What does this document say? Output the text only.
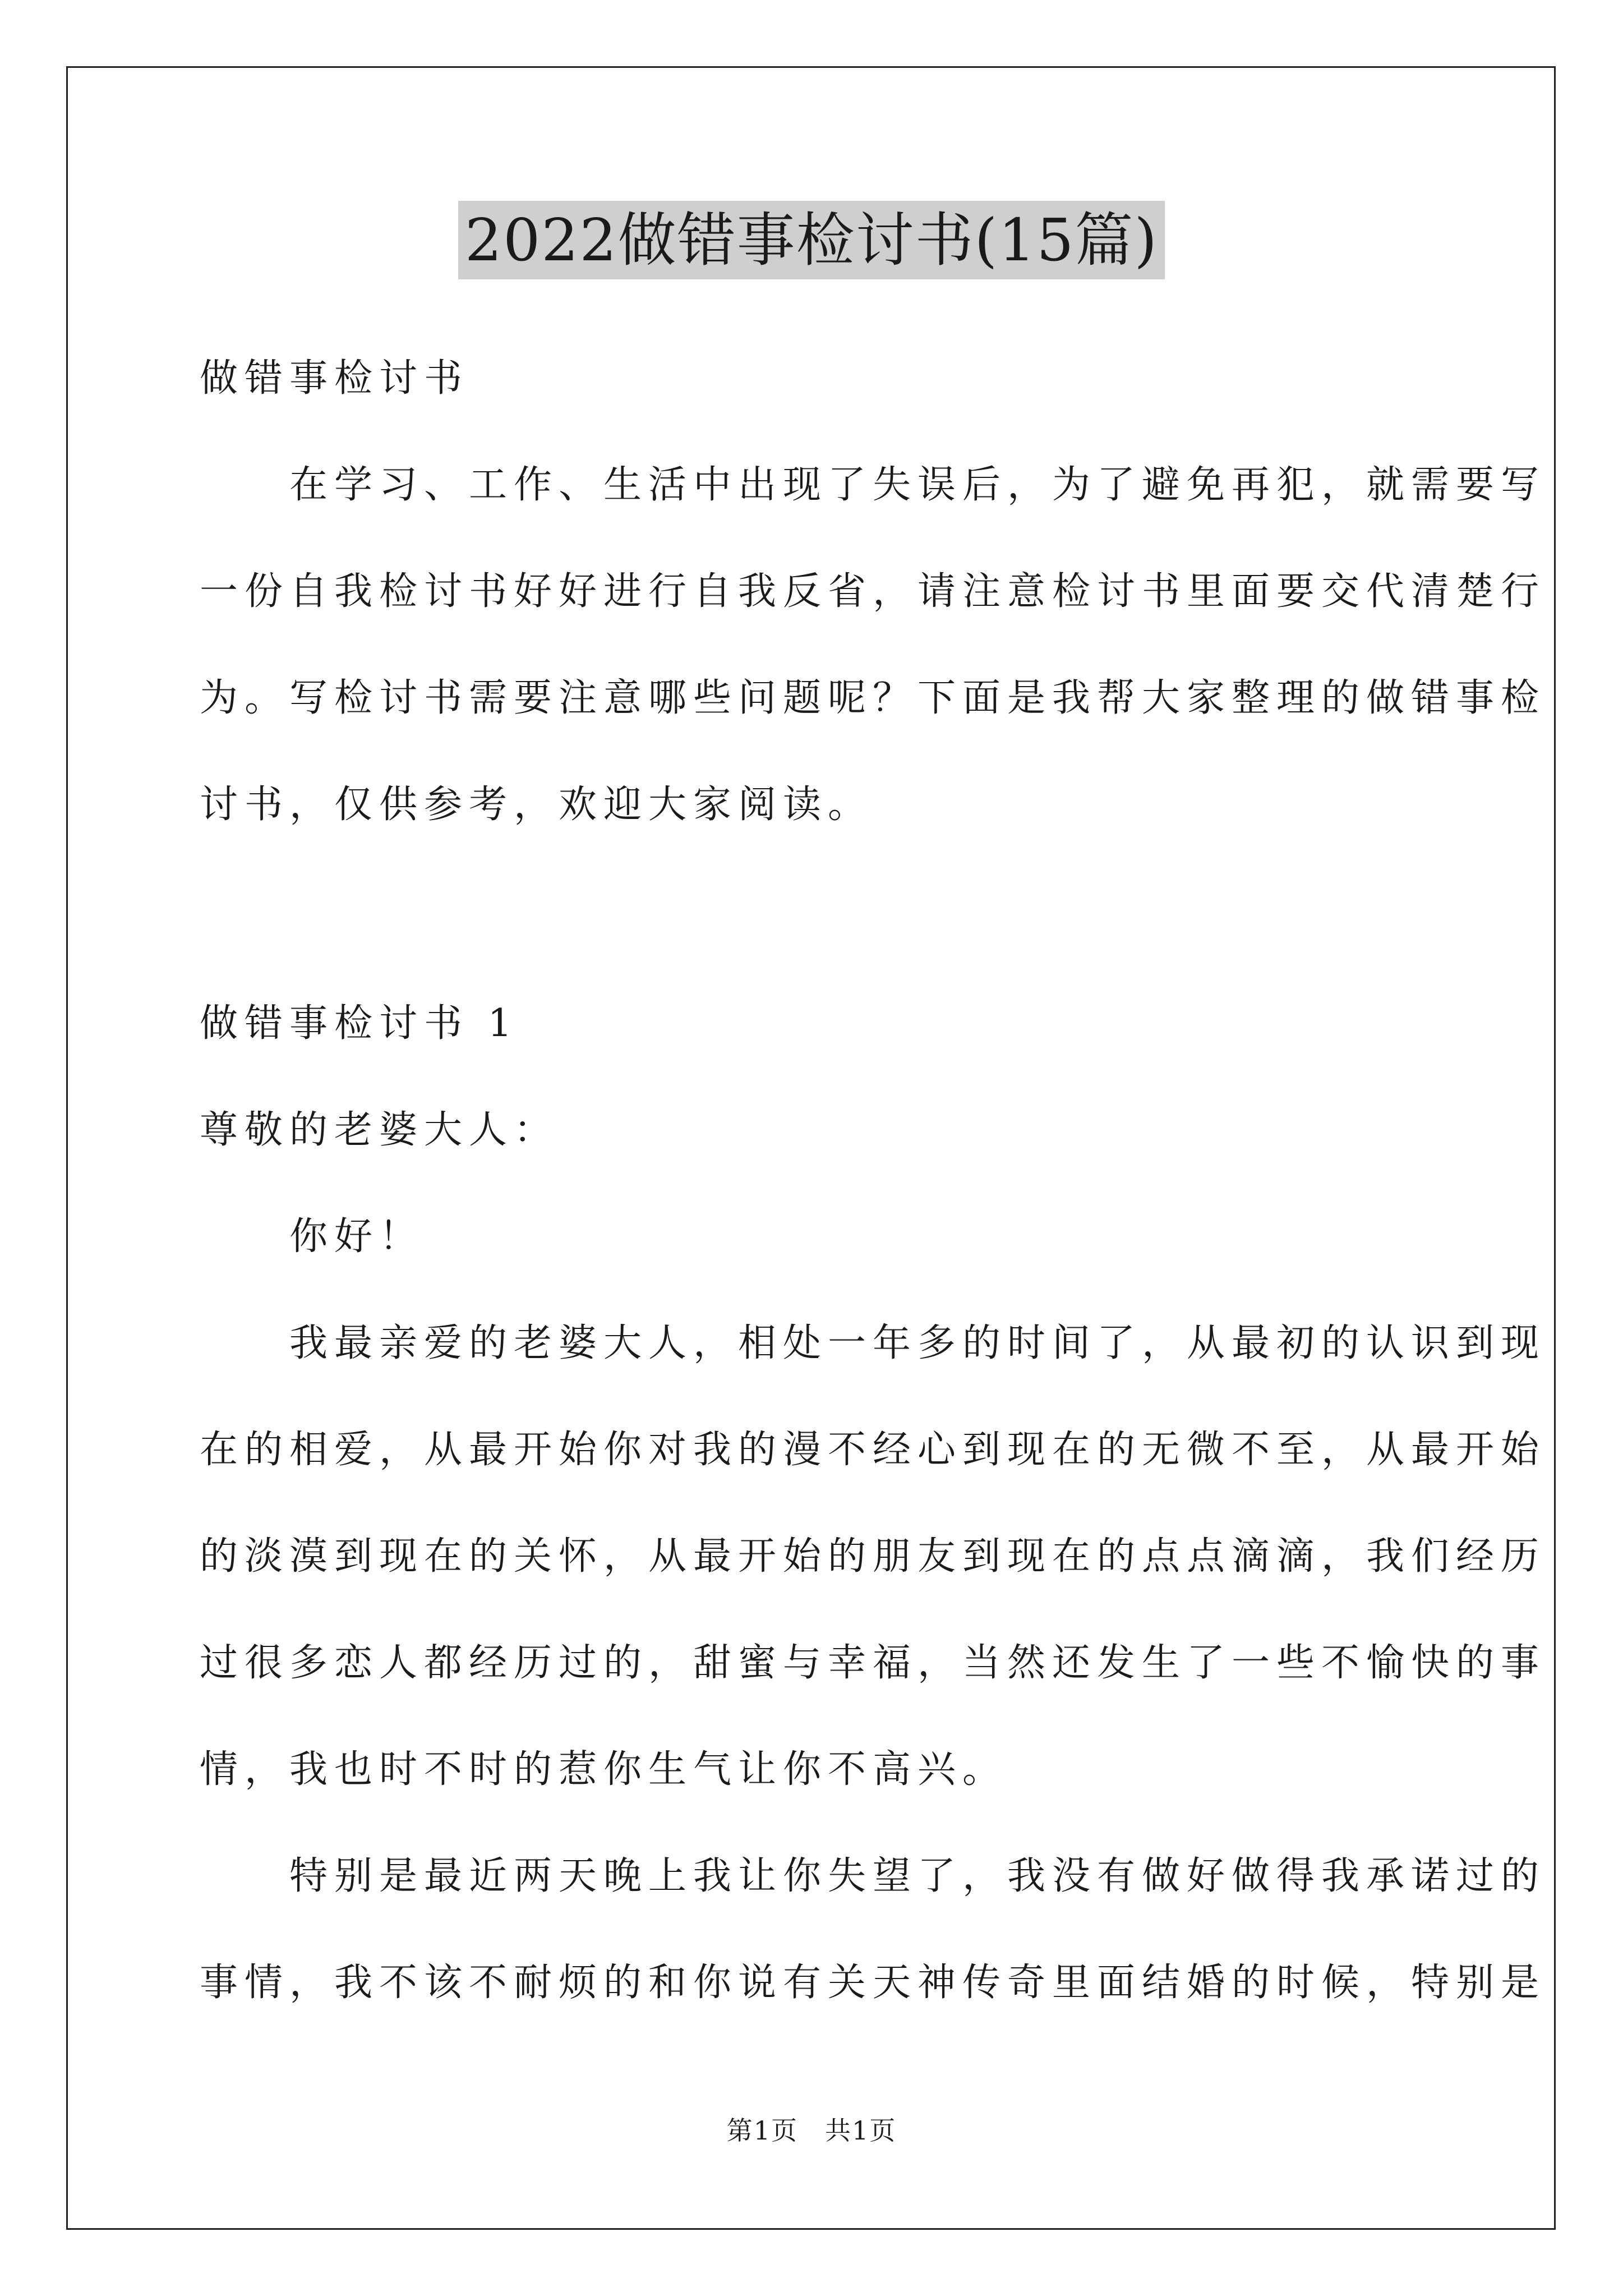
2022做错事检讨书(15篇)
做错事检讨书
　　在学习、工作、生活中出现了失误后，为了避免再犯，就需要写
一份自我检讨书好好进行自我反省，请注意检讨书里面要交代清楚行
为。写检讨书需要注意哪些问题呢？下面是我帮大家整理的做错事检
讨书，仅供参考，欢迎大家阅读。
做错事检讨书 1
尊敬的老婆大人：
　　你好！
　　我最亲爱的老婆大人，相处一年多的时间了，从最初的认识到现
在的相爱，从最开始你对我的漫不经心到现在的无微不至，从最开始
的淡漠到现在的关怀，从最开始的朋友到现在的点点滴滴，我们经历
过很多恋人都经历过的，甜蜜与幸福，当然还发生了一些不愉快的事
情，我也时不时的惹你生气让你不高兴。
　　特别是最近两天晚上我让你失望了，我没有做好做得我承诺过的
事情，我不该不耐烦的和你说有关天神传奇里面结婚的时候，特别是
第1页　共1页
